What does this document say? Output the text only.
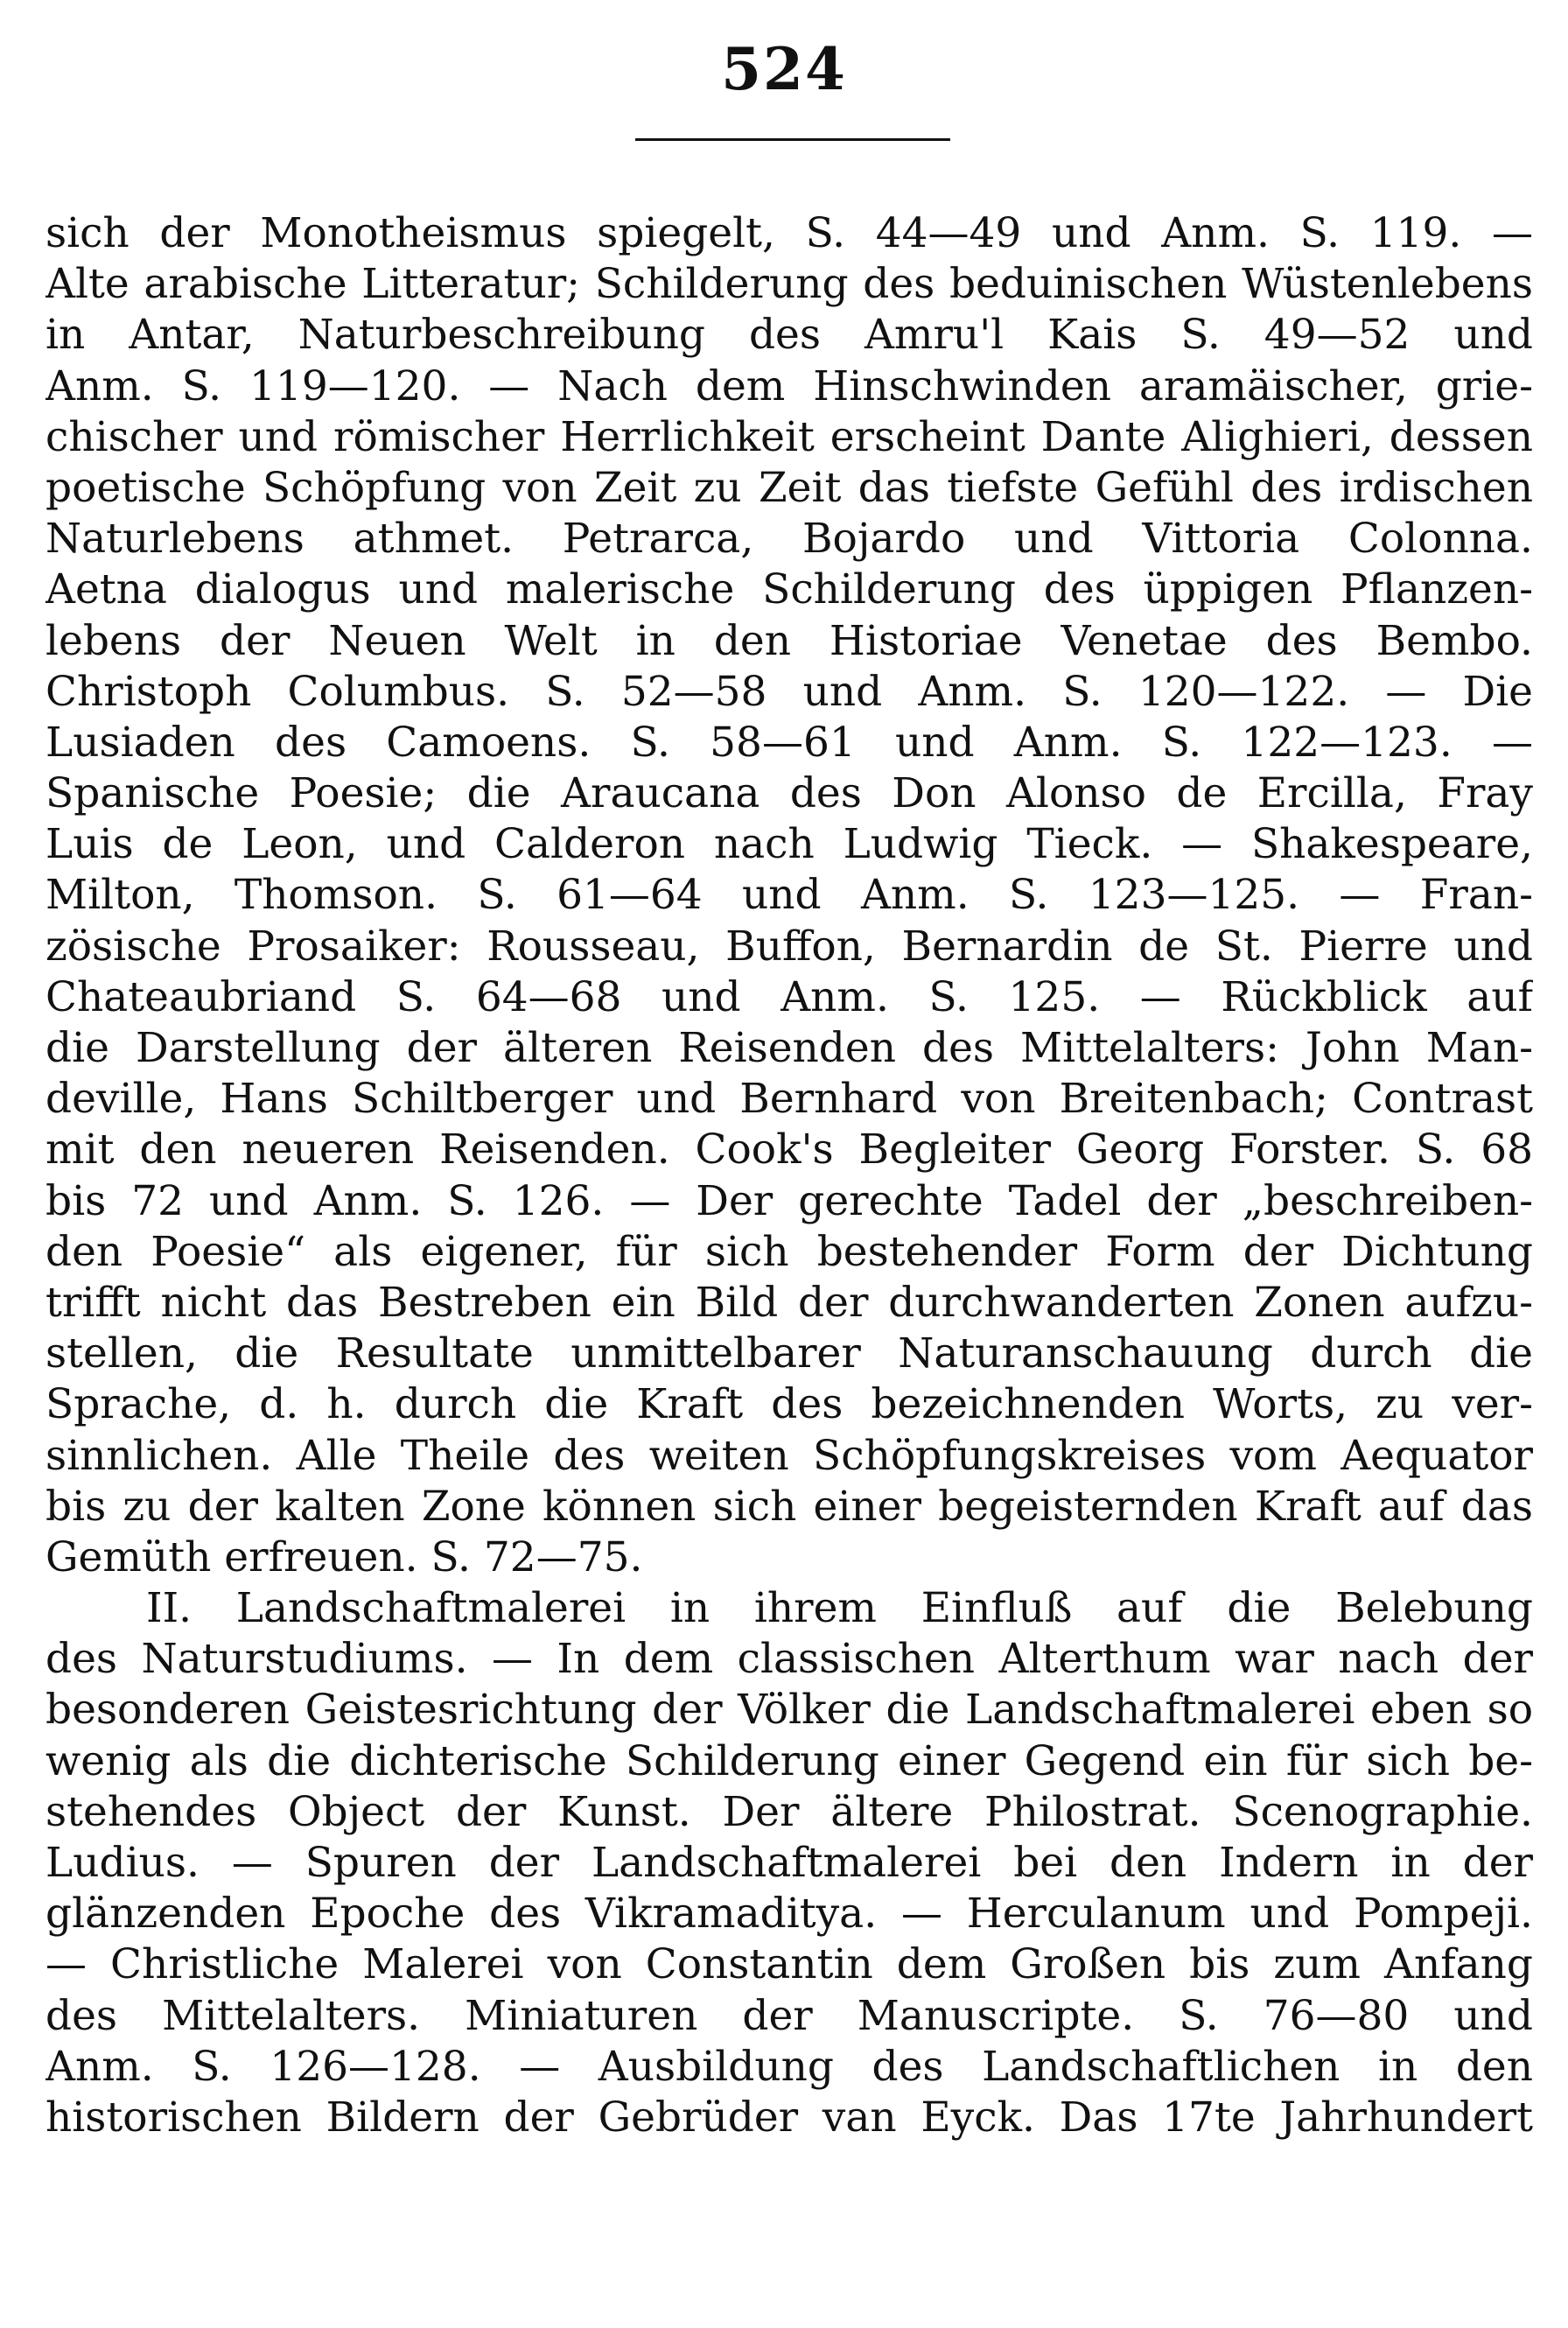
524
sich der Monotheismus spiegelt, S. 44—49 und Anm. S. 119. —
Alte arabische Litteratur; Schilderung des beduinischen Wüstenlebens
in Antar, Naturbeschreibung des Amru'l Kais S. 49—52 und
Anm. S. 119—120. — Nach dem Hinschwinden aramäischer, grie-
chischer und römischer Herrlichkeit erscheint Dante Alighieri, dessen
poetische Schöpfung von Zeit zu Zeit das tiefste Gefühl des irdischen
Naturlebens athmet. Petrarca, Bojardo und Vittoria Colonna.
Aetna dialogus und malerische Schilderung des üppigen Pflanzen-
lebens der Neuen Welt in den Historiae Venetae des Bembo.
Christoph Columbus. S. 52—58 und Anm. S. 120—122. — Die
Lusiaden des Camoens. S. 58—61 und Anm. S. 122—123. —
Spanische Poesie; die Araucana des Don Alonso de Ercilla, Fray
Luis de Leon, und Calderon nach Ludwig Tieck. — Shakespeare,
Milton, Thomson. S. 61—64 und Anm. S. 123—125. — Fran-
zösische Prosaiker: Rousseau, Buffon, Bernardin de St. Pierre und
Chateaubriand S. 64—68 und Anm. S. 125. — Rückblick auf
die Darstellung der älteren Reisenden des Mittelalters: John Man-
deville, Hans Schiltberger und Bernhard von Breitenbach; Contrast
mit den neueren Reisenden. Cook's Begleiter Georg Forster. S. 68
bis 72 und Anm. S. 126. — Der gerechte Tadel der „beschreiben-
den Poesie“ als eigener, für sich bestehender Form der Dichtung
trifft nicht das Bestreben ein Bild der durchwanderten Zonen aufzu-
stellen, die Resultate unmittelbarer Naturanschauung durch die
Sprache, d. h. durch die Kraft des bezeichnenden Worts, zu ver-
sinnlichen. Alle Theile des weiten Schöpfungskreises vom Aequator
bis zu der kalten Zone können sich einer begeisternden Kraft auf das
Gemüth erfreuen. S. 72—75.
II. Landschaftmalerei in ihrem Einfluß auf die Belebung
des Naturstudiums. — In dem classischen Alterthum war nach der
besonderen Geistesrichtung der Völker die Landschaftmalerei eben so
wenig als die dichterische Schilderung einer Gegend ein für sich be-
stehendes Object der Kunst. Der ältere Philostrat. Scenographie.
Ludius. — Spuren der Landschaftmalerei bei den Indern in der
glänzenden Epoche des Vikramaditya. — Herculanum und Pompeji.
— Christliche Malerei von Constantin dem Großen bis zum Anfang
des Mittelalters. Miniaturen der Manuscripte. S. 76—80 und
Anm. S. 126—128. — Ausbildung des Landschaftlichen in den
historischen Bildern der Gebrüder van Eyck. Das 17te Jahrhundert
